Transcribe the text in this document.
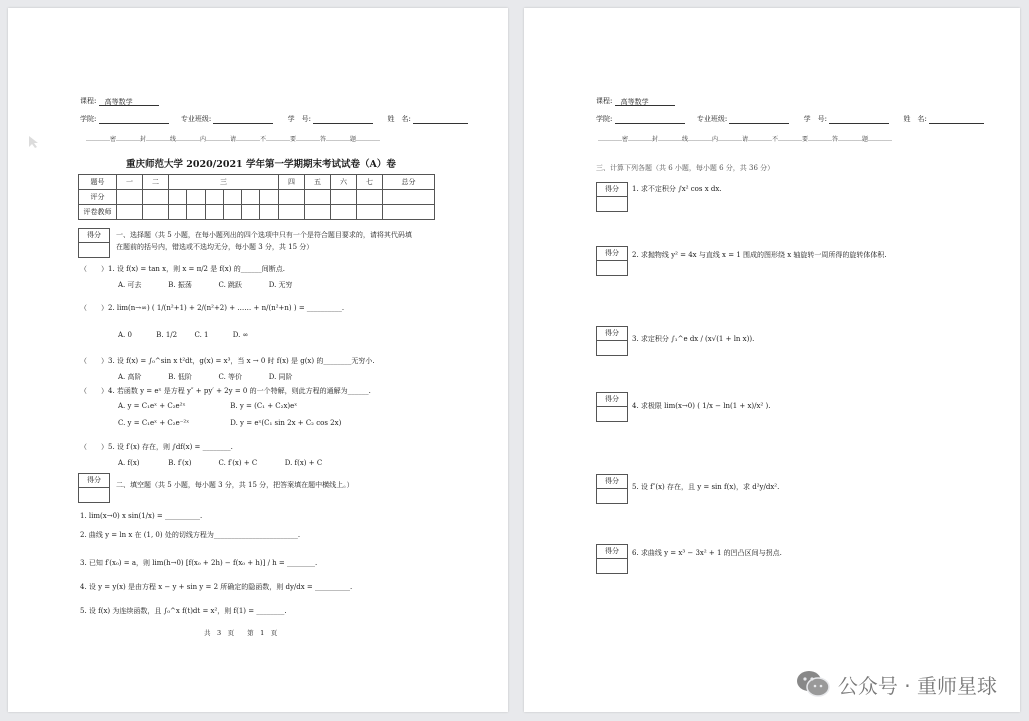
课程: 高等数学
学院:	专业班级:	学　号:	姓　名:
…………密…………封…………线…………内…………请…………不…………要…………答…………题…………
重庆师范大学 2020/2021 学年第一学期期末考试试卷（A）卷
题号	一	二	三						四	五	六	七	总分
评分													
评卷教师													
得分	一、选择题（共 5 小题，在每小题列出的四个选项中只有一个是符合题目要求的，请将其代码填
在题前的括号内，错选或不选均无分，每小题 3 分，共 15 分）
（　　）1. 设 f(x) = tan x，则 x = π/2 是 f(x) 的______间断点.
A. 可去	B. 振荡	C. 跳跃	D. 无穷
（　　）2. lim(n→∞) ( 1/(n²+1) + 2/(n²+2) + …… + n/(n²+n) ) = __________.
A. 0	B. 1/2 C. 1	D. ∞
（　　）3. 设 f(x) = ∫₀^sin x t²dt，g(x) = x³，当 x → 0 时 f(x) 是 g(x) 的________无穷小.
A. 高阶	B. 低阶	C. 等价	D. 同阶
（　　）4. 若函数 y = eˣ 是方程 y″ + py′ + 2y = 0 的一个特解，则此方程的通解为______.
A. y = C₁eˣ + C₂e²ˣ	B. y = (C₁ + C₂x)eˣ
C. y = C₁eˣ + C₂e⁻²ˣ	D. y = eˣ(C₁ sin 2x + C₂ cos 2x)
（　　）5. 设 f′(x) 存在，则 ∫df(x) = ________.
A. f(x)	B. f′(x)	C. f′(x) + C	D. f(x) + C
得分
二、填空题（共 5 小题，每小题 3 分，共 15 分，把答案填在题中横线上。）
1. lim(x→0) x sin(1/x) = __________.
2. 曲线 y = ln x 在 (1, 0) 处的切线方程为________________________.
3. 已知 f′(x₀) = a，则 lim(h→0) [f(x₀ + 2h) − f(x₀ + h)] / h = ________.
4. 设 y = y(x) 是由方程 x − y + sin y = 2 所确定的隐函数，则 dy/dx = __________.
5. 设 f(x) 为连续函数，且 ∫₀^x f(t)dt = x²，则 f(1) = ________.
共　3　页　　第　1　页
课程: 高等数学
学院:	专业班级:	学　号:	姓　名:
…………密…………封…………线…………内…………请…………不…………要…………答…………题…………
三、计算下列各题（共 6 小题，每小题 6 分，共 36 分）
得分	1. 求不定积分 ∫x² cos x dx.
得分	2. 求抛物线 y² = 4x 与直线 x = 1 围成的图形绕 x 轴旋转一周所得的旋转体体积.
得分
3. 求定积分 ∫₁^e dx / (x√(1 + ln x)).
得分
4. 求极限 lim(x→0) ( 1/x − ln(1 + x)/x² ).
得分
5. 设 f″(x) 存在，且 y = sin f(x)，求 d²y/dx².
得分	6. 求曲线 y = x³ − 3x² + 1 的凹凸区间与拐点.
公众号 · 重师星球
